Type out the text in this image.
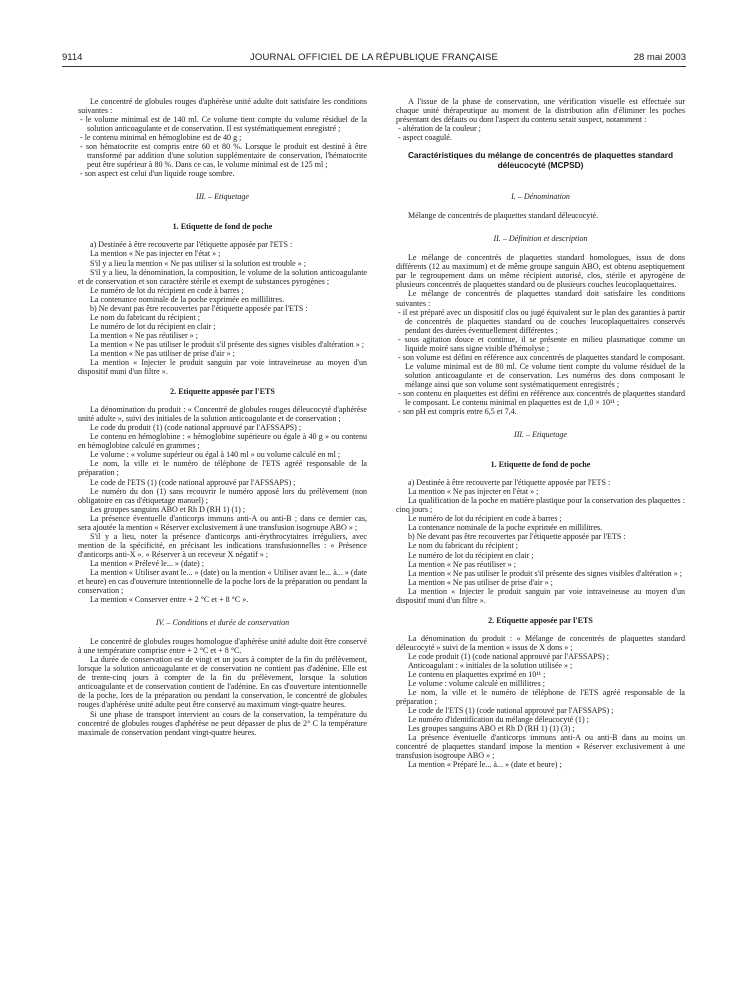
9114	JOURNAL OFFICIEL DE LA RÉPUBLIQUE FRANÇAISE	28 mai 2003

Le concentré de globules rouges d'aphérèse unité adulte doit satisfaire les conditions suivantes :

- le volume minimal est de 140 ml. Ce volume tient compte du volume résiduel de la solution anticoagulante et de conservation. Il est systématiquement enregistré ;

- le contenu minimal en hémoglobine est de 40 g ;

- son hématocrite est compris entre 60 et 80 %. Lorsque le produit est destiné à être transformé par addition d'une solution supplémentaire de conservation, l'hématocrite peut être supérieur à 80 %. Dans ce cas, le volume minimal est de 125 ml ;

- son aspect est celui d'un liquide rouge sombre.

III. – Etiquetage
1. Etiquette de fond de poche

a) Destinée à être recouverte par l'étiquette apposée par l'ETS :

La mention « Ne pas injecter en l'état » ;

S'il y a lieu la mention « Ne pas utiliser si la solution est trouble » ;

S'il y a lieu, la dénomination, la composition, le volume de la solution anticoagulante et de conservation et son caractère stérile et exempt de substances pyrogènes ;

Le numéro de lot du récipient en code à barres ;

La contenance nominale de la poche exprimée en millilitres.

b) Ne devant pas être recouvertes par l'étiquette apposée par l'ETS :

Le nom du fabricant du récipient ;

Le numéro de lot du récipient en clair ;

La mention « Ne pas réutiliser » ;

La mention « Ne pas utiliser le produit s'il présente des signes visibles d'altération » ;

La mention « Ne pas utiliser de prise d'air » ;

La mention « Injecter le produit sanguin par voie intraveineuse au moyen d'un dispositif muni d'un filtre ».

2. Etiquette apposée par l'ETS

La dénomination du produit : « Concentré de globules rouges déleucocyté d'aphérèse unité adulte », suivi des initiales de la solution anticoagulante et de conservation ;

Le code du produit (1) (code national approuvé par l'AFSSAPS) ;

Le contenu en hémoglobine : « hémoglobine supérieure ou égale à 40 g » ou contenu en hémoglobine calculé en grammes ;

Le volume : « volume supérieur ou égal à 140 ml » ou volume calculé en ml ;

Le nom, la ville et le numéro de téléphone de l'ETS agréé responsable de la préparation ;

Le code de l'ETS (1) (code national approuvé par l'AFSSAPS) ;

Le numéro du don (1) sans recouvrir le numéro apposé lors du prélèvement (non obligatoire en cas d'étiquetage manuel) ;

Les groupes sanguins ABO et Rh D (RH 1) (1) ;

La présence éventuelle d'anticorps immuns anti-A ou anti-B ; dans ce dernier cas, sera ajoutée la mention « Réserver exclusivement à une transfusion isogroupe ABO » ;

S'il y a lieu, noter la présence d'anticorps anti-érythrocytaires irréguliers, avec mention de la spécificité, en précisant les indications transfusionnelles : « Présence d'anticorps anti-X ». « Réserver à un receveur X négatif » ;

La mention « Prélevé le... » (date) ;

La mention « Utiliser avant le... » (date) ou la mention « Utiliser avant le... à... » (date et heure) en cas d'ouverture intentionnelle de la poche lors de la préparation ou pendant la conservation ;

La mention « Conserver entre + 2 °C et + 8 °C ».

IV. – Conditions et durée de conservation

Le concentré de globules rouges homologue d'aphérèse unité adulte doit être conservé à une température comprise entre + 2 °C et + 8 °C.

La durée de conservation est de vingt et un jours à compter de la fin du prélèvement, lorsque la solution anticoagulante et de conservation ne contient pas d'adénine. Elle est de trente-cinq jours à compter de la fin du prélèvement, lorsque la solution anticoagulante et de conservation contient de l'adénine. En cas d'ouverture intentionnelle de la poche, lors de la préparation ou pendant la conservation, le concentré de globules rouges d'aphérèse unité adulte peut être conservé au maximum vingt-quatre heures.

Si une phase de transport intervient au cours de la conservation, la température du concentré de globules rouges d'aphérèse ne peut dépasser de plus de 2° C la température maximale de conservation pendant vingt-quatre heures.

A l'issue de la phase de conservation, une vérification visuelle est effectuée sur chaque unité thérapeutique au moment de la distribution afin d'éliminer les poches présentant des défauts ou dont l'aspect du contenu serait suspect, notamment :

- altération de la couleur ;

- aspect coagulé.

Caractéristiques du mélange de concentrés de plaquettes standard déleucocyté (MCPSD)
I. – Dénomination

Mélange de concentrés de plaquettes standard déleucocyté.

II. – Définition et description

Le mélange de concentrés de plaquettes standard homologues, issus de dons différents (12 au maximum) et de même groupe sanguin ABO, est obtenu aseptiquement par le regroupement dans un même récipient autorisé, clos, stérile et apyrogène de plusieurs concentrés de plaquettes standard ou de plusieurs couches leucoplaquettaires.

Le mélange de concentrés de plaquettes standard doit satisfaire les conditions suivantes :

- il est préparé avec un dispositif clos ou jugé équivalent sur le plan des garanties à partir de concentrés de plaquettes standard ou de couches leucoplaquettaires conservés pendant des durées éventuellement différentes ;

- sous agitation douce et continue, il se présente en milieu plasmatique comme un liquide moiré sans signe visible d'hémolyse ;

- son volume est défini en référence aux concentrés de plaquettes standard le composant. Le volume minimal est de 80 ml. Ce volume tient compte du volume résiduel de la solution anticoagulante et de conservation. Les numéros des dons composant le mélange ainsi que son volume sont systématiquement enregistrés ;

- son contenu en plaquettes est défini en référence aux concentrés de plaquettes standard le composant. Le contenu minimal en plaquettes est de 1,0 × 10¹¹ ;

- son pH est compris entre 6,5 et 7,4.

III. – Etiquetage
1. Etiquette de fond de poche

a) Destinée à être recouverte par l'étiquette apposée par l'ETS :

La mention « Ne pas injecter en l'état » ;

La qualification de la poche en matière plastique pour la conservation des plaquettes : cinq jours ;

Le numéro de lot du récipient en code à barres ;

La contenance nominale de la poche exprimée en millilitres.

b) Ne devant pas être recouvertes par l'étiquette apposée par l'ETS :

Le nom du fabricant du récipient ;

Le numéro de lot du récipient en clair ;

La mention « Ne pas réutiliser » ;

La mention « Ne pas utiliser le produit s'il présente des signes visibles d'altération » ;

La mention « Ne pas utiliser de prise d'air » ;

La mention « Injecter le produit sanguin par voie intraveineuse au moyen d'un dispositif muni d'un filtre ».

2. Etiquette apposée par l'ETS

La dénomination du produit : « Mélange de concentrés de plaquettes standard déleucocyté » suivi de la mention « issus de X dons » ;

Le code produit (1) (code national approuvé par l'AFSSAPS) ;

Anticoagulant : « initiales de la solution utilisée » ;

Le contenu en plaquettes exprimé en 10¹¹ ;

Le volume : volume calculé en millilitres ;

Le nom, la ville et le numéro de téléphone de l'ETS agréé responsable de la préparation ;

Le code de l'ETS (1) (code national approuvé par l'AFSSAPS) ;

Le numéro d'identification du mélange déleucocyté (1) ;

Les groupes sanguins ABO et Rh D (RH 1) (1) (3) ;

La présence éventuelle d'anticorps immuns anti-A ou anti-B dans au moins un concentré de plaquettes standard impose la mention « Réserver exclusivement à une transfusion isogroupe ABO » ;

La mention « Préparé le... à... » (date et heure) ;
